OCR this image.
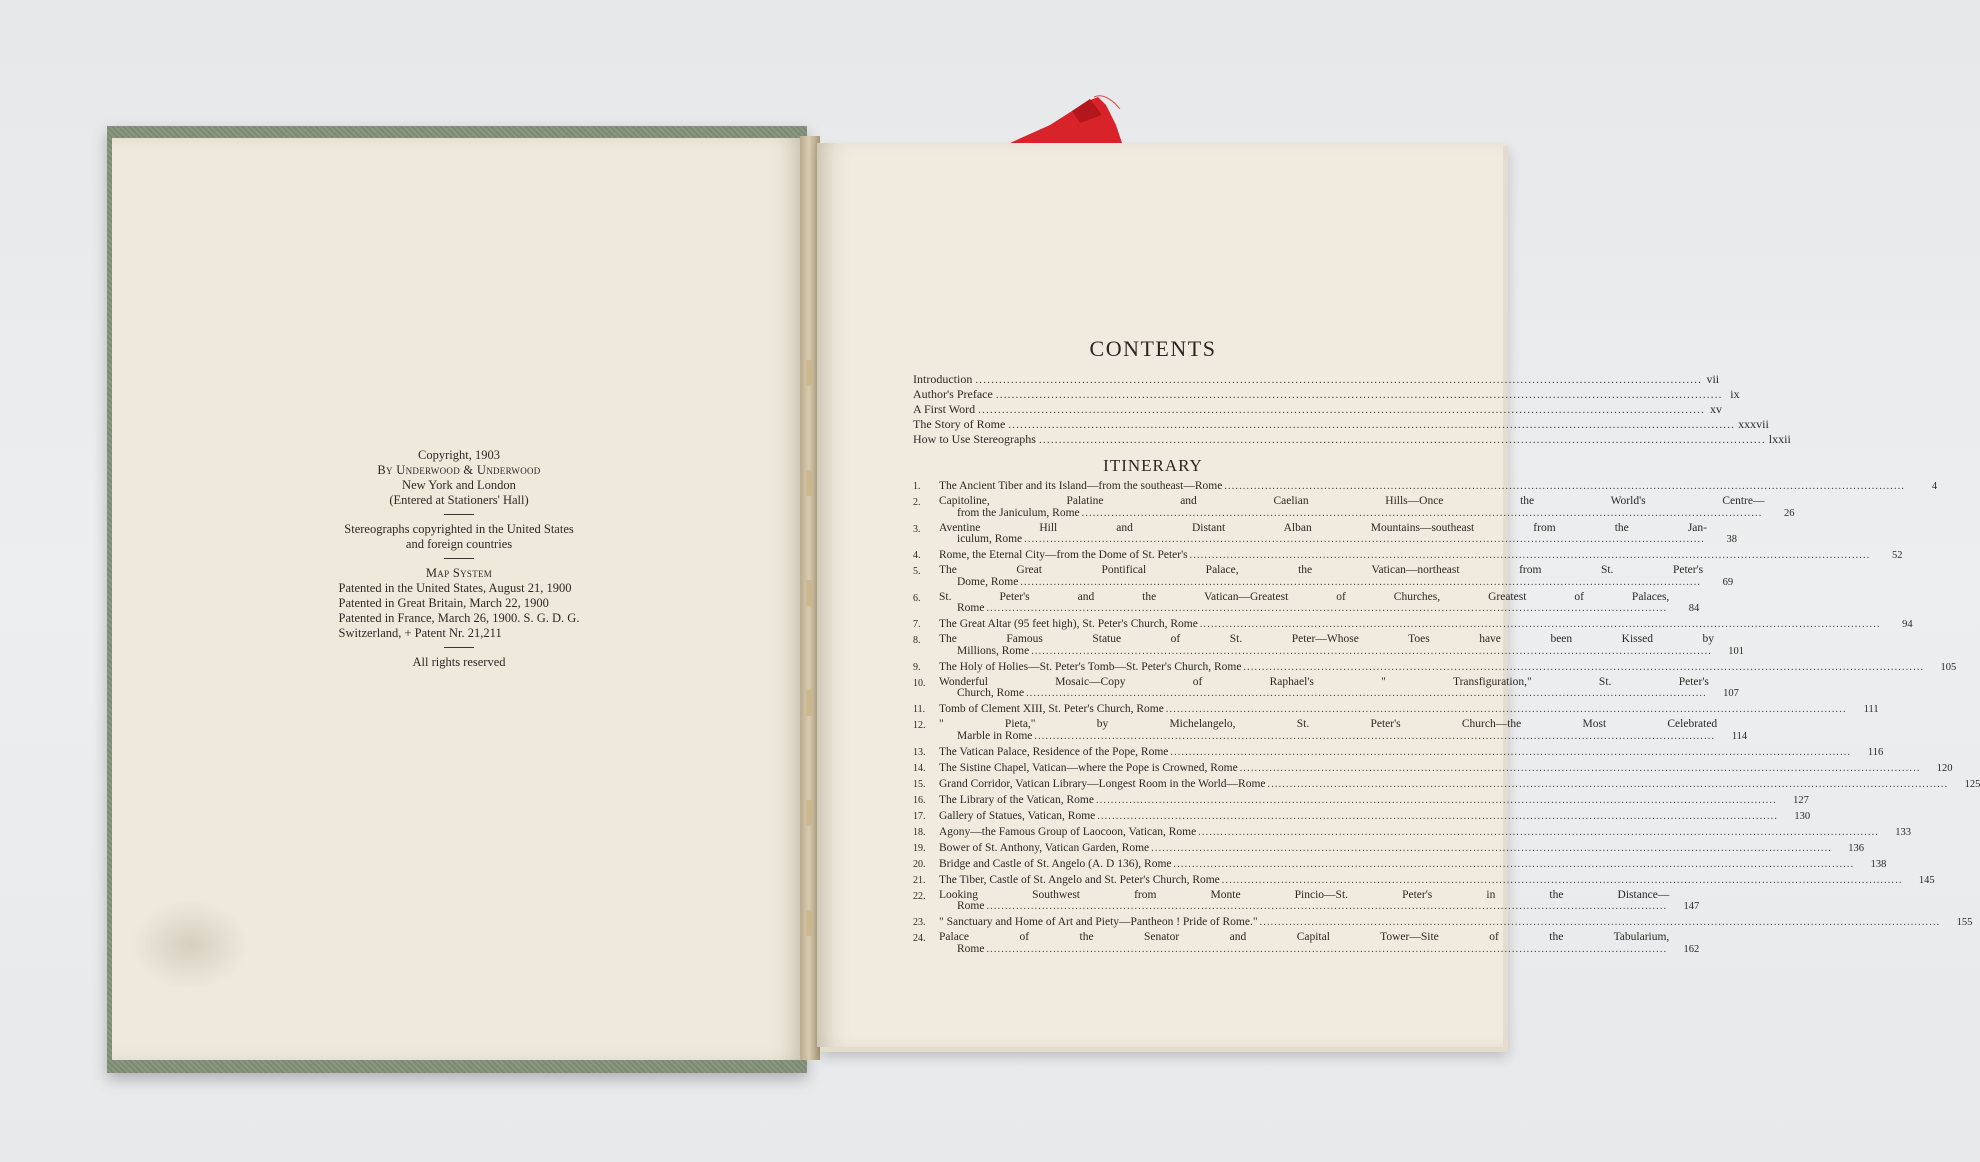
Copyright, 1903
By Underwood & Underwood
New York and London
(Entered at Stationers' Hall)
Stereographs copyrighted in the United States
and foreign countries
Map System
Patented in the United States, August 21, 1900
Patented in Great Britain, March 22, 1900
Patented in France, March 26, 1900. S. G. D. G.
Switzerland, + Patent Nr. 21,211
All rights reserved
CONTENTS
Introduction .....	vii
Author's Preface .....	ix
A First Word .....	xv
The Story of Rome .....	xxxvii
How to Use Stereographs .....	lxxii
ITINERARY
1.	The Ancient Tiber and its Island—from the southeast—Rome .....	4
2.	Capitoline, Palatine and Caelian Hills—Once the World's Centre—
from the Janiculum, Rome .....	26
3.	Aventine Hill and Distant Alban Mountains—southeast from the Jan-
iculum, Rome .....	38
4.	Rome, the Eternal City—from the Dome of St. Peter's .....	52
5.	The Great Pontifical Palace, the Vatican—northeast from St. Peter's
Dome, Rome .....	69
6.	St. Peter's and the Vatican—Greatest of Churches, Greatest of Palaces,
Rome .....	84
7.	The Great Altar (95 feet high), St. Peter's Church, Rome .....	94
8.	The Famous Statue of St. Peter—Whose Toes have been Kissed by
Millions, Rome .....	101
9.	The Holy of Holies—St. Peter's Tomb—St. Peter's Church, Rome .....	105
10.	Wonderful Mosaic—Copy of Raphael's " Transfiguration," St. Peter's
Church, Rome .....	107
11.	Tomb of Clement XIII, St. Peter's Church, Rome .....	111
12.	" Pieta," by Michelangelo, St. Peter's Church—the Most Celebrated
Marble in Rome .....	114
13.	The Vatican Palace, Residence of the Pope, Rome .....	116
14.	The Sistine Chapel, Vatican—where the Pope is Crowned, Rome .....	120
15.	Grand Corridor, Vatican Library—Longest Room in the World—Rome .....	125
16.	The Library of the Vatican, Rome .....	127
17.	Gallery of Statues, Vatican, Rome .....	130
18.	Agony—the Famous Group of Laocoon, Vatican, Rome .....	133
19.	Bower of St. Anthony, Vatican Garden, Rome .....	136
20.	Bridge and Castle of St. Angelo (A. D 136), Rome .....	138
21.	The Tiber, Castle of St. Angelo and St. Peter's Church, Rome .....	145
22.	Looking Southwest from Monte Pincio—St. Peter's in the Distance—
Rome .....	147
23.	" Sanctuary and Home of Art and Piety—Pantheon ! Pride of Rome." .....	155
24.	Palace of the Senator and Capital Tower—Site of the Tabularium,
Rome .....	162
